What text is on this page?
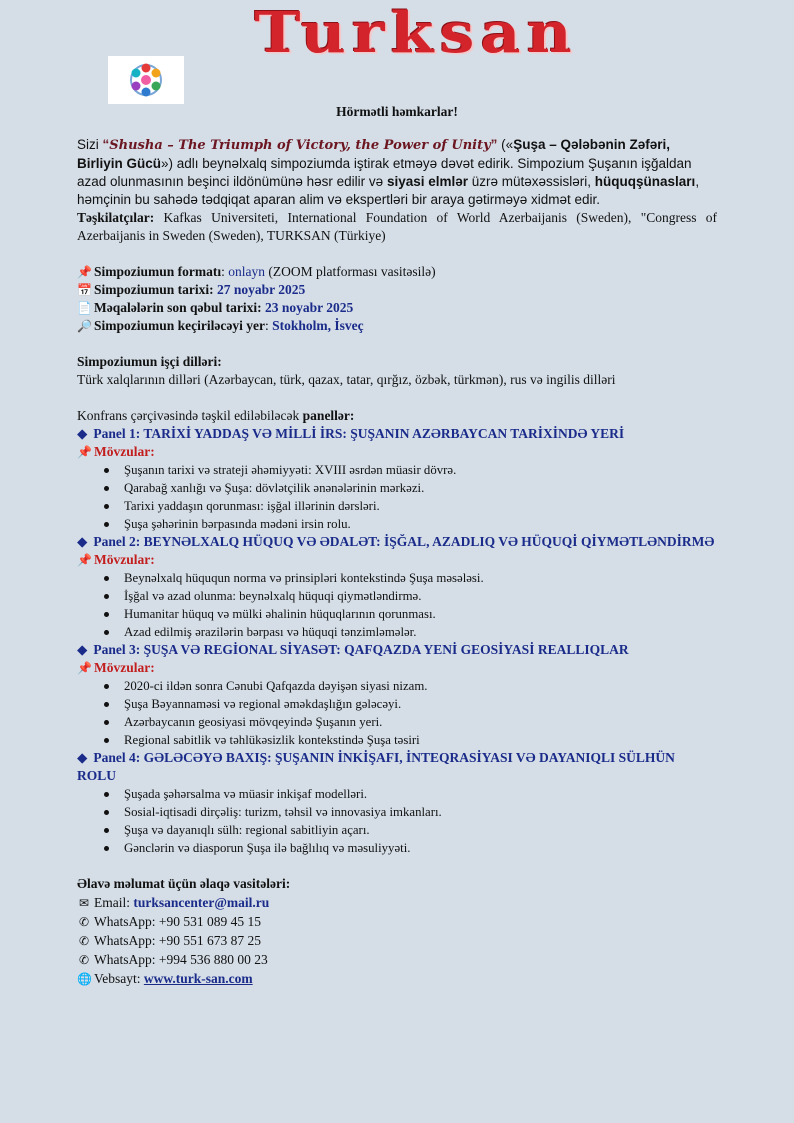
Turksan
Hörmətli həmkarlar!
Sizi “Shusha – The Triumph of Victory, the Power of Unity” («Şuşa – Qələbənin Zəfəri, Birliyin Gücü») adlı beynəlxalq simpoziumda iştirak etməyə dəvət edirik. Simpozium Şuşanın işğaldan azad olunmasının beşinci ildönümünə həsr edilir və siyasi elmlər üzrə mütəxəssisləri, hüquqşünasları, həmçinin bu sahədə tədqiqat aparan alim və ekspertləri bir araya gətirməyə xidmət edir.
Təşkilatçılar: Kafkas Universiteti, International Foundation of World Azerbaijanis (Sweden), "Congress of Azerbaijanis in Sweden (Sweden), TURKSAN (Türkiye)
📌 Simpoziumun formatı : onlayn (ZOOM platforması vasitəsilə)
📅 Simpoziumun tarixi:
27 noyabr 2025
📄 Məqalələrin son qəbul tarixi:
23 noyabr 2025
🔎 Simpoziumun keçiriləcəyi yer : Stokholm, İsveç
Simpoziumun işçi dilləri:
Türk xalqlarının dilləri (Azərbaycan, türk, qazax, tatar, qırğız, özbək, türkmən), rus və ingilis dilləri
Konfrans çərçivəsində təşkil ediləbiləcək panellər:
◆ Panel 1: TARİXİ YADDAŞ VƏ MİLLİ İRS: ŞUŞANIN AZƏRBAYCAN TARİXİNDƏ YERİ
📌 Mövzular:
Şuşanın tarixi və strateji əhəmiyyəti: XVIII əsrdən müasir dövrə.
Qarabağ xanlığı və Şuşa: dövlətçilik ənənələrinin mərkəzi.
Tarixi yaddaşın qorunması: işğal illərinin dərsləri.
Şuşa şəhərinin bərpasında mədəni irsin rolu.
◆ Panel 2: BEYNƏLXALQ HÜQUQ VƏ ƏDALƏT: İŞĞAL, AZADLIQ VƏ HÜQUQİ QİYMƏTLƏNDİRMƏ
📌 Mövzular:
Beynəlxalq hüququn norma və prinsipləri kontekstində Şuşa məsələsi.
İşğal və azad olunma: beynəlxalq hüquqi qiymətləndirmə.
Humanitar hüquq və mülki əhalinin hüquqlarının qorunması.
Azad edilmiş ərazilərin bərpası və hüquqi tənzimləmələr.
◆ Panel 3: ŞUŞA VƏ REGİONAL SİYASƏT: QAFQAZDA YENİ GEOSİYASİ REALLIQLAR
📌 Mövzular:
2020-ci ildən sonra Cənubi Qafqazda dəyişən siyasi nizam.
Şuşa Bəyannaməsi və regional əməkdaşlığın gələcəyi.
Azərbaycanın geosiyasi mövqeyində Şuşanın yeri.
Regional sabitlik və təhlükəsizlik kontekstində Şuşa təsiri
◆ Panel 4: GƏLƏCƏYƏ BAXIŞ: ŞUŞANIN İNKİŞAFI, İNTEQRASİYASI VƏ DAYANIQLI SÜLHÜN ROLU
Şuşada şəhərsalma və müasir inkişaf modelləri.
Sosial-iqtisadi dirçəliş: turizm, təhsil və innovasiya imkanları.
Şuşa və dayanıqlı sülh: regional sabitliyin açarı.
Gənclərin və diasporun Şuşa ilə bağlılıq və məsuliyyəti.
Əlavə məlumat üçün əlaqə vasitələri:
✉ Email:
turksancenter@mail.ru
✆ WhatsApp:
+90 531 089 45 15
✆ WhatsApp:
+90 551 673 87 25
✆ WhatsApp:
+994 536 880 00 23
🌐 Vebsayt:
www.turk-san.com
